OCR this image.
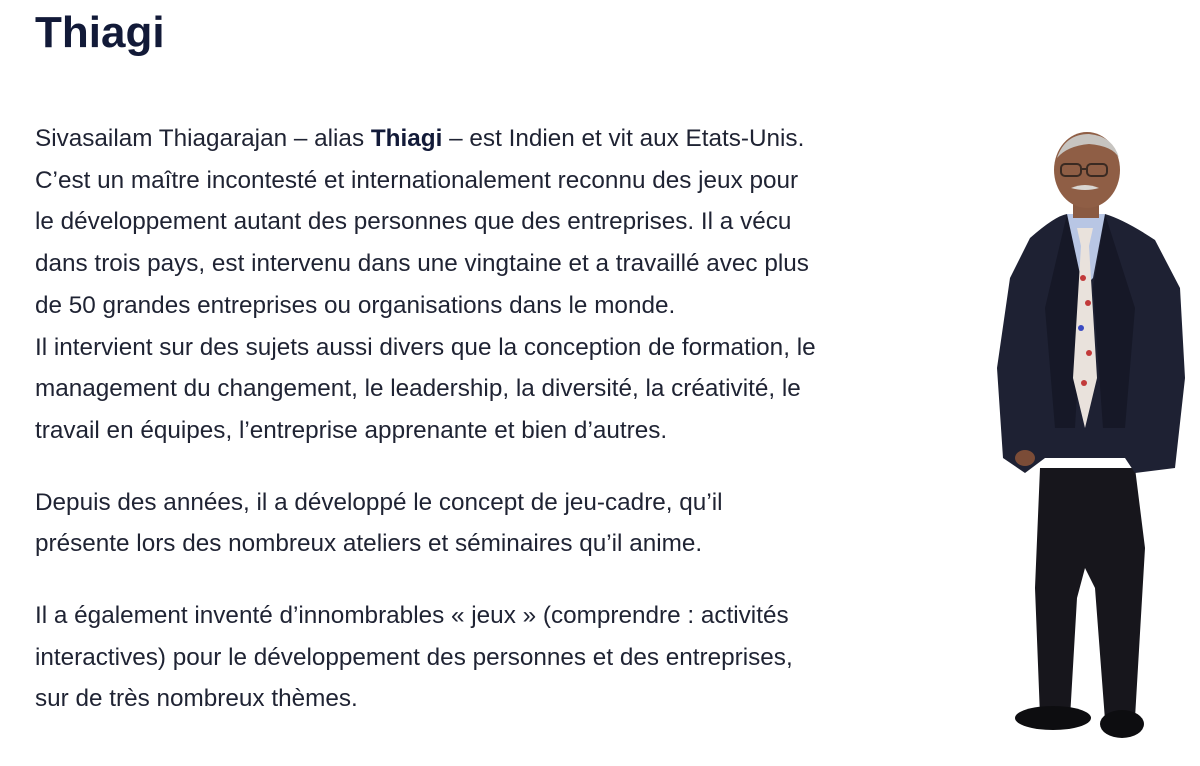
Thiagi

Sivasailam Thiagarajan – alias Thiagi – est Indien et vit aux Etats-Unis.
C’est un maître incontesté et internationalement reconnu des jeux pour
le développement autant des personnes que des entreprises. Il a vécu
dans trois pays, est intervenu dans une vingtaine et a travaillé avec plus
de 50 grandes entreprises ou organisations dans le monde.
Il intervient sur des sujets aussi divers que la conception de formation, le
management du changement, le leadership, la diversité, la créativité, le
travail en équipes, l’entreprise apprenante et bien d’autres.

Depuis des années, il a développé le concept de jeu-cadre, qu’il
présente lors des nombreux ateliers et séminaires qu’il anime.

Il a également inventé d’innombrables « jeux » (comprendre : activités
interactives) pour le développement des personnes et des entreprises,
sur de très nombreux thèmes.
